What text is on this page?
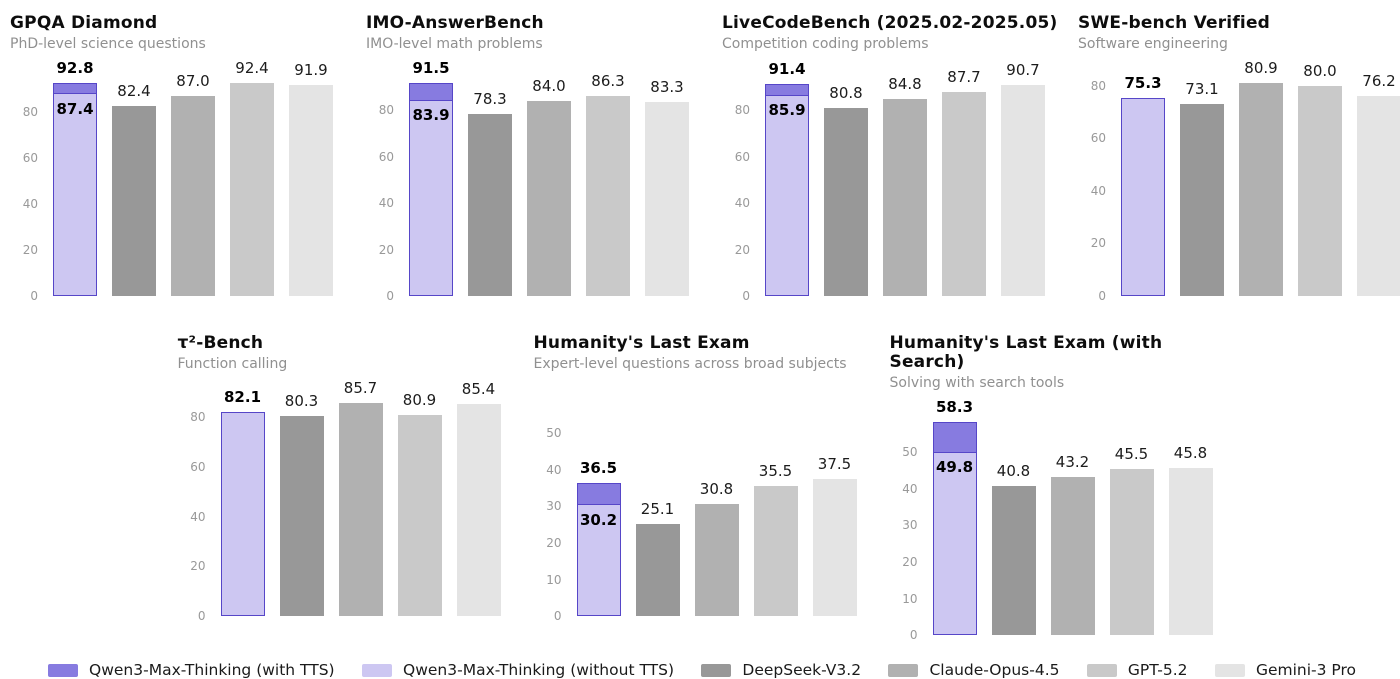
GPQA Diamond
PhD-level science questions
0
20
40
60
80
92.8
87.4
82.4
87.0
92.4 91.9
IMO-AnswerBench
IMO-level math problems
0
20
40
60
80
91.5
83.9
78.3
84.0 86.3 83.3
LiveCodeBench (2025.02-2025.05)
Competition coding problems
0
20
40
60
80
91.4
85.9
80.8
84.8 87.7 90.7
SWE-bench Verified
Software engineering
0
20
40
60
80 75.3 73.1
80.9 80.0
76.2
τ²-Bench
Function calling
0
20
40
60
80
82.1 80.3
85.7
80.9
85.4
Humanity's Last Exam
Expert-level questions across broad subjects
0
10
20
30
40
50
36.5
30.2
25.1
30.8
35.5 37.5
Humanity's Last Exam (with Search)
Solving with search tools
0
10
20
30
40
50
58.3
49.8 40.8 43.2 45.5 45.8
Qwen3-Max-Thinking (with TTS)	Qwen3-Max-Thinking (without TTS)	DeepSeek-V3.2	Claude-Opus-4.5	GPT-5.2	Gemini-3 Pro
